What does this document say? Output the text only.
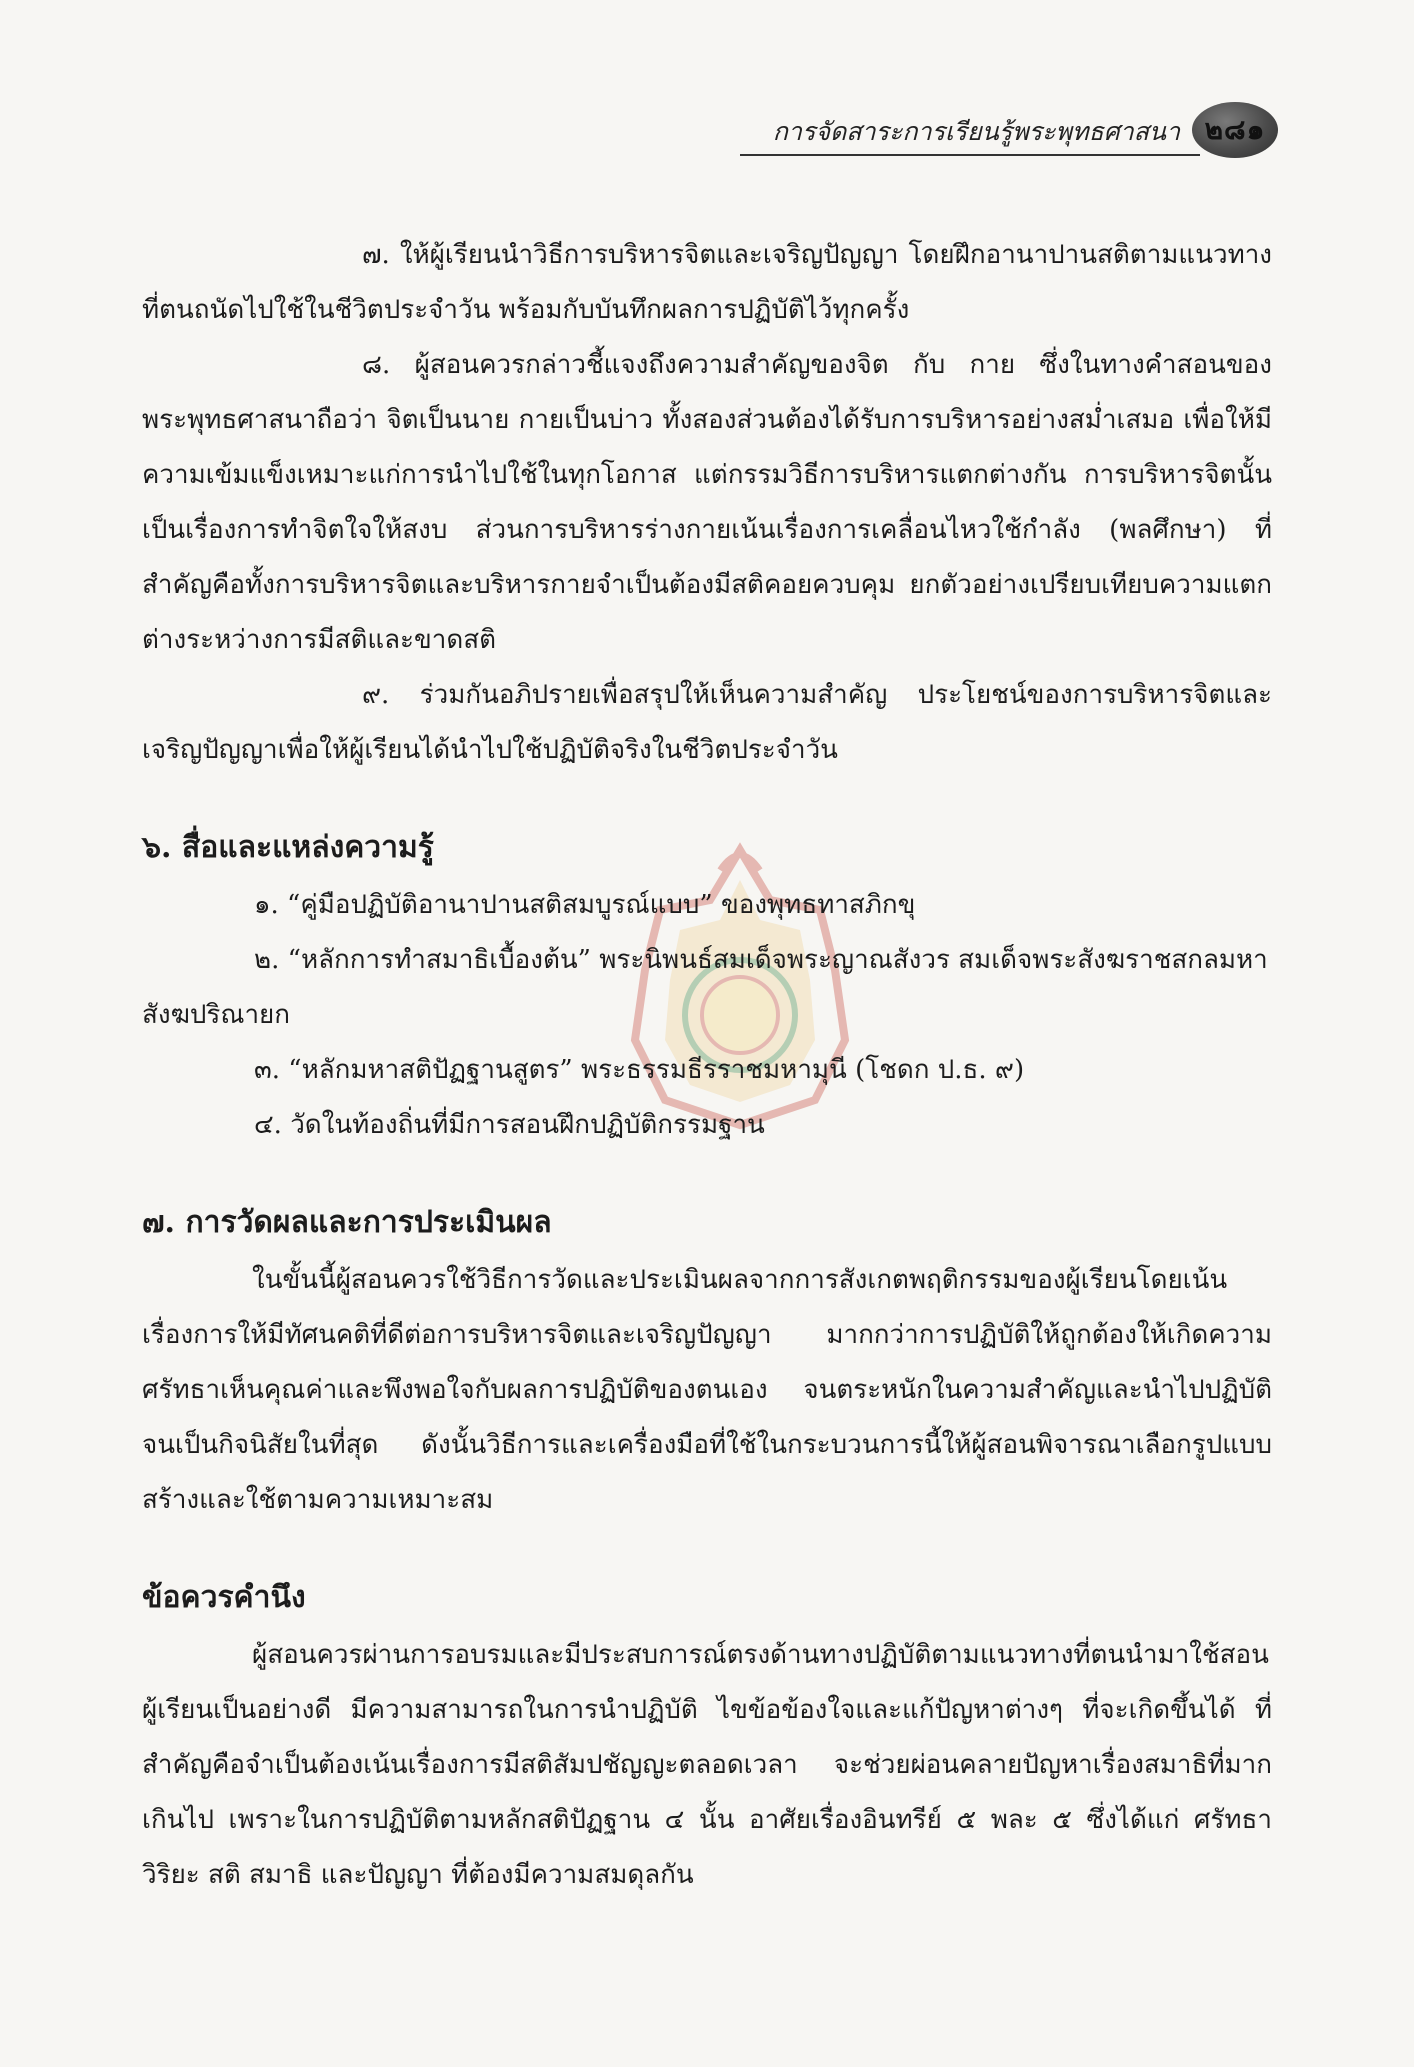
การจัดสาระการเรียนรู้พระพุทธศาสนา ๒๘๑

๗. ให้ผู้เรียนนำวิธีการบริหารจิตและเจริญปัญญา โดยฝึกอานาปานสติตามแนวทางที่ตนถนัดไปใช้ในชีวิตประจำวัน พร้อมกับบันทึกผลการปฏิบัติไว้ทุกครั้ง

๘. ผู้สอนควรกล่าวชี้แจงถึงความสำคัญของจิต กับ กาย ซึ่งในทางคำสอนของพระพุทธศาสนาถือว่า จิตเป็นนาย กายเป็นบ่าว ทั้งสองส่วนต้องได้รับการบริหารอย่างสม่ำเสมอ เพื่อให้มีความเข้มแข็งเหมาะแก่การนำไปใช้ในทุกโอกาส แต่กรรมวิธีการบริหารแตกต่างกัน การบริหารจิตนั้นเป็นเรื่องการทำจิตใจให้สงบ ส่วนการบริหารร่างกายเน้นเรื่องการเคลื่อนไหวใช้กำลัง (พลศึกษา) ที่สำคัญคือทั้งการบริหารจิตและบริหารกายจำเป็นต้องมีสติคอยควบคุม ยกตัวอย่างเปรียบเทียบความแตกต่างระหว่างการมีสติและขาดสติ

๙. ร่วมกันอภิปรายเพื่อสรุปให้เห็นความสำคัญ ประโยชน์ของการบริหารจิตและเจริญปัญญาเพื่อให้ผู้เรียนได้นำไปใช้ปฏิบัติจริงในชีวิตประจำวัน

๖. สื่อและแหล่งความรู้

๑. “คู่มือปฏิบัติอานาปานสติสมบูรณ์แบบ” ของพุทธทาสภิกขุ

๒. “หลักการทำสมาธิเบื้องต้น” พระนิพนธ์สมเด็จพระญาณสังวร สมเด็จพระสังฆราชสกลมหาสังฆปริณายก

๓. “หลักมหาสติปัฏฐานสูตร” พระธรรมธีรราชมหามุนี (โชดก ป.ธ. ๙)

๔. วัดในท้องถิ่นที่มีการสอนฝึกปฏิบัติกรรมฐาน

๗. การวัดผลและการประเมินผล

ในขั้นนี้ผู้สอนควรใช้วิธีการวัดและประเมินผลจากการสังเกตพฤติกรรมของผู้เรียนโดยเน้นเรื่องการให้มีทัศนคติที่ดีต่อการบริหารจิตและเจริญปัญญา มากกว่าการปฏิบัติให้ถูกต้องให้เกิดความศรัทธาเห็นคุณค่าและพึงพอใจกับผลการปฏิบัติของตนเอง จนตระหนักในความสำคัญและนำไปปฏิบัติจนเป็นกิจนิสัยในที่สุด ดังนั้นวิธีการและเครื่องมือที่ใช้ในกระบวนการนี้ให้ผู้สอนพิจารณาเลือกรูปแบบ สร้างและใช้ตามความเหมาะสม

ข้อควรคำนึง

ผู้สอนควรผ่านการอบรมและมีประสบการณ์ตรงด้านทางปฏิบัติตามแนวทางที่ตนนำมาใช้สอนผู้เรียนเป็นอย่างดี มีความสามารถในการนำปฏิบัติ ไขข้อข้องใจและแก้ปัญหาต่างๆ ที่จะเกิดขึ้นได้ ที่สำคัญคือจำเป็นต้องเน้นเรื่องการมีสติสัมปชัญญะตลอดเวลา จะช่วยผ่อนคลายปัญหาเรื่องสมาธิที่มากเกินไป เพราะในการปฏิบัติตามหลักสติปัฏฐาน ๔ นั้น อาศัยเรื่องอินทรีย์ ๕ พละ ๕ ซึ่งได้แก่ ศรัทธา วิริยะ สติ สมาธิ และปัญญา ที่ต้องมีความสมดุลกัน
